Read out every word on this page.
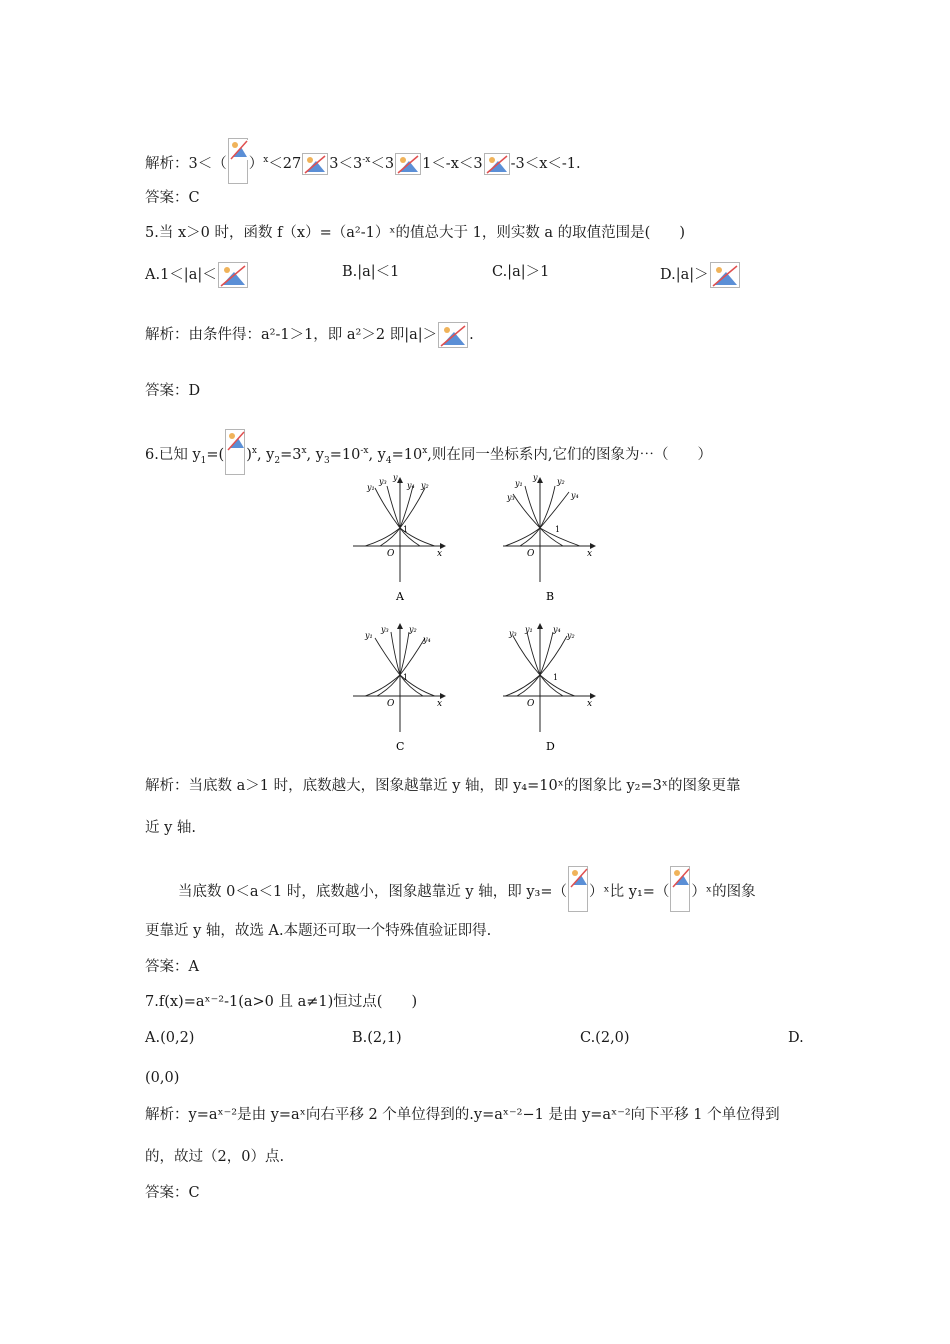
解析：3＜（ ）$^x$＜27 $3<3^{-x}<3$ 1＜-x＜3 -3＜x＜-1.
答案：C
5.当 x＞0 时，函数 f（x）=（a²-1）ˣ的值总大于 1，则实数 a 的取值范围是(　　)
A.1＜|a|＜	B.|a|＜1	C.|a|＞1	D.|a|＞
解析：由条件得：a²-1＞1，即 a²＞2 即|a|＞ .
答案：D
6.已知 $y_1=$( )$^x$, $y_2=3^x$, $y_3=10^{-x}$, $y_4=10^x$,则在同一坐标系内,它们的图象为⋯（　　）
y₁
y₃ y
y₄ y₂
1
O	x
A
y₁
y₃
y y₂
y₄
1
O	x
B
y₁
y₃	y₂
y₄
1
O	x
C
y₃ y₁	y₄
y₂
1
O	x
D
解析：当底数 a＞1 时，底数越大，图象越靠近 y 轴，即 y₄=10ˣ的图象比 y₂=3ˣ的图象更靠
近 y 轴.
当底数 0＜a＜1 时，底数越小，图象越靠近 y 轴，即 y₃=（ ）ˣ比 y₁=（ ）ˣ的图象
更靠近 y 轴，故选 A.本题还可取一个特殊值验证即得.
答案：A
7.f(x)=aˣ⁻²-1(a>0 且 a≠1)恒过点(　　)
A.(0,2)	B.(2,1)	C.(2,0)	D.
(0,0)
解析：y=aˣ⁻²是由 y=aˣ向右平移 2 个单位得到的.y=aˣ⁻²−1 是由 y=aˣ⁻²向下平移 1 个单位得到
的，故过（2，0）点.
答案：C
